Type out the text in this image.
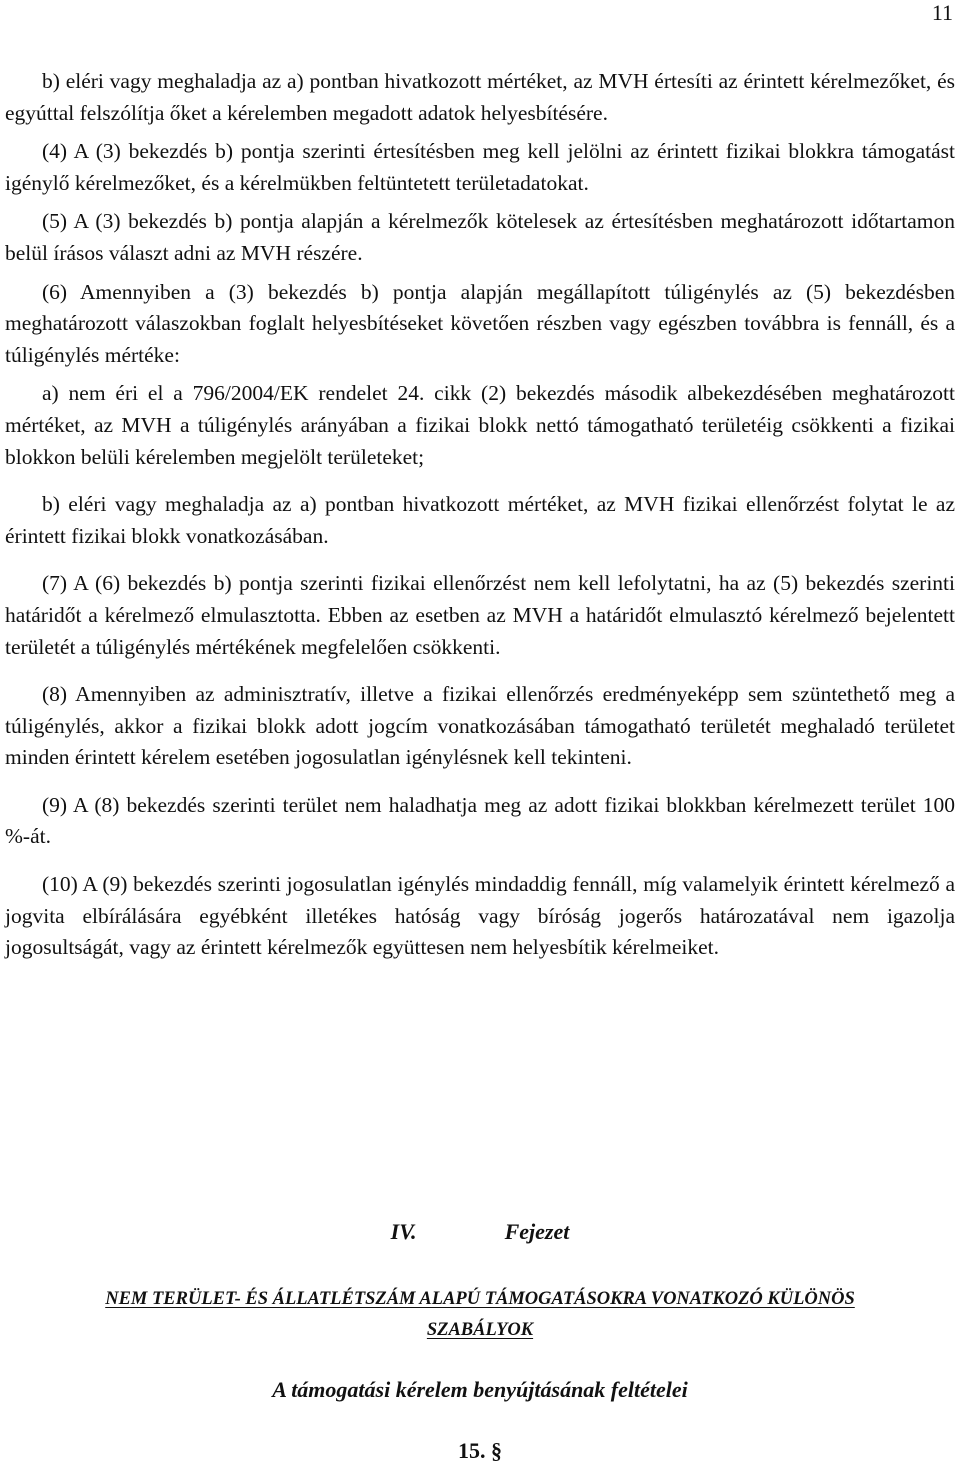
11

b) eléri vagy meghaladja az a) pontban hivatkozott mértéket, az MVH értesíti az érintett kérelmezőket, és egyúttal felszólítja őket a kérelemben megadott adatok helyesbítésére.

(4) A (3) bekezdés b) pontja szerinti értesítésben meg kell jelölni az érintett fizikai blokkra támogatást igénylő kérelmezőket, és a kérelmükben feltüntetett területadatokat.

(5) A (3) bekezdés b) pontja alapján a kérelmezők kötelesek az értesítésben meghatározott időtartamon belül írásos választ adni az MVH részére.

(6) Amennyiben a (3) bekezdés b) pontja alapján megállapított túligénylés az (5) bekezdésben meghatározott válaszokban foglalt helyesbítéseket követően részben vagy egészben továbbra is fennáll, és a túligénylés mértéke:

a) nem éri el a 796/2004/EK rendelet 24. cikk (2) bekezdés második albekezdésében meghatározott mértéket, az MVH a túligénylés arányában a fizikai blokk nettó támogatható területéig csökkenti a fizikai blokkon belüli kérelemben megjelölt területeket;

b) eléri vagy meghaladja az a) pontban hivatkozott mértéket, az MVH fizikai ellenőrzést folytat le az érintett fizikai blokk vonatkozásában.

(7) A (6) bekezdés b) pontja szerinti fizikai ellenőrzést nem kell lefolytatni, ha az (5) bekezdés szerinti határidőt a kérelmező elmulasztotta. Ebben az esetben az MVH a határidőt elmulasztó kérelmező bejelentett területét a túligénylés mértékének megfelelően csökkenti.

(8) Amennyiben az adminisztratív, illetve a fizikai ellenőrzés eredményeképp sem szüntethető meg a túligénylés, akkor a fizikai blokk adott jogcím vonatkozásában támogatható területét meghaladó területet minden érintett kérelem esetében jogosulatlan igénylésnek kell tekinteni.

(9) A (8) bekezdés szerinti terület nem haladhatja meg az adott fizikai blokkban kérelmezett terület 100 %-át.

(10) A (9) bekezdés szerinti jogosulatlan igénylés mindaddig fennáll, míg valamelyik érintett kérelmező a jogvita elbírálására egyébként illetékes hatóság vagy bíróság jogerős határozatával nem igazolja jogosultságát, vagy az érintett kérelmezők együttesen nem helyesbítik kérelmeiket.

IV.	Fejezet
NEM TERÜLET- ÉS ÁLLATLÉTSZÁM ALAPÚ TÁMOGATÁSOKRA VONATKOZÓ KÜLÖNÖS
SZABÁLYOK
A támogatási kérelem benyújtásának feltételei
15. §
